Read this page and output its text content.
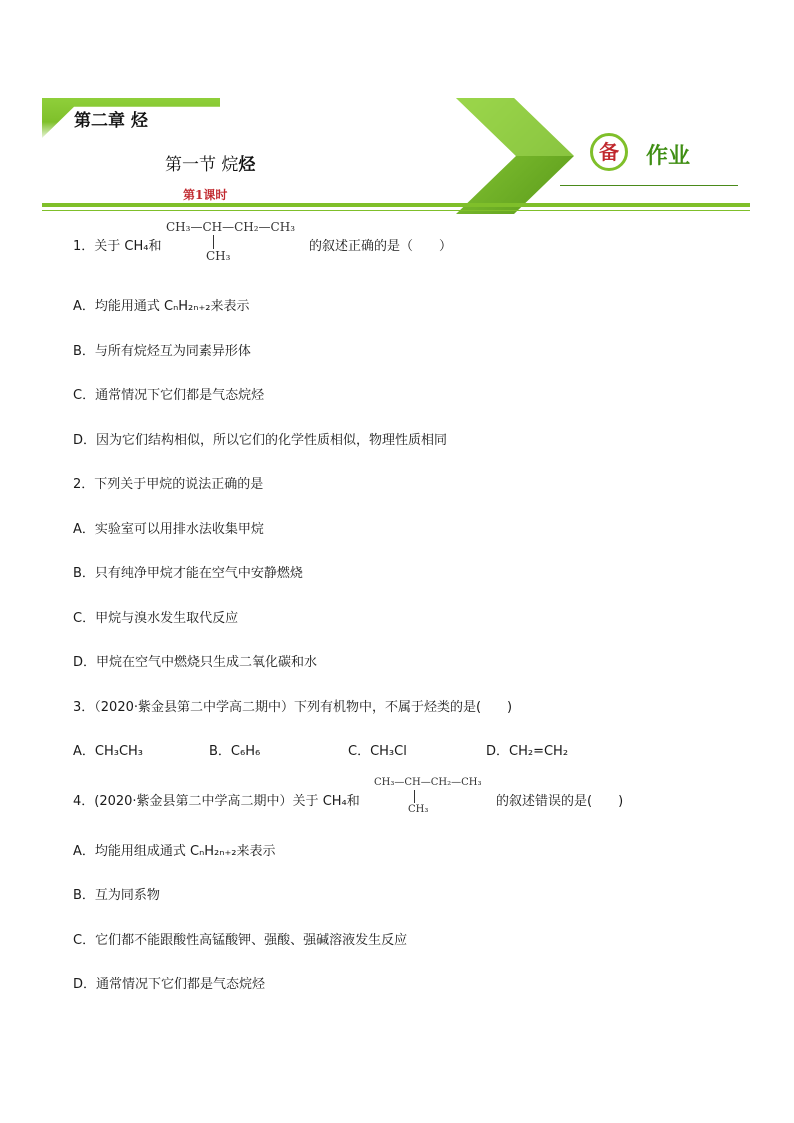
第二章 烃
第一节 烷烃
第1课时
备	作业
1．关于 CH₄和
CH₃—CH—CH₂—CH₃
CH₃
的叙述正确的是（　　）
A．均能用通式 CₙH₂ₙ₊₂来表示
B．与所有烷烃互为同素异形体
C．通常情况下它们都是气态烷烃
D．因为它们结构相似，所以它们的化学性质相似，物理性质相同
2．下列关于甲烷的说法正确的是
A．实验室可以用排水法收集甲烷
B．只有纯净甲烷才能在空气中安静燃烧
C．甲烷与溴水发生取代反应
D．甲烷在空气中燃烧只生成二氧化碳和水
3．（2020·紫金县第二中学高二期中）下列有机物中，不属于烃类的是(　　)
A．CH₃CH₃	B．C₆H₆	C．CH₃Cl	D．CH₂=CH₂
4．(2020·紫金县第二中学高二期中）关于 CH₄和
CH₃—CH—CH₂—CH₃
CH₃
的叙述错误的是(　　)
A．均能用组成通式 CₙH₂ₙ₊₂来表示
B．互为同系物
C．它们都不能跟酸性高锰酸钾、强酸、强碱溶液发生反应
D．通常情况下它们都是气态烷烃
